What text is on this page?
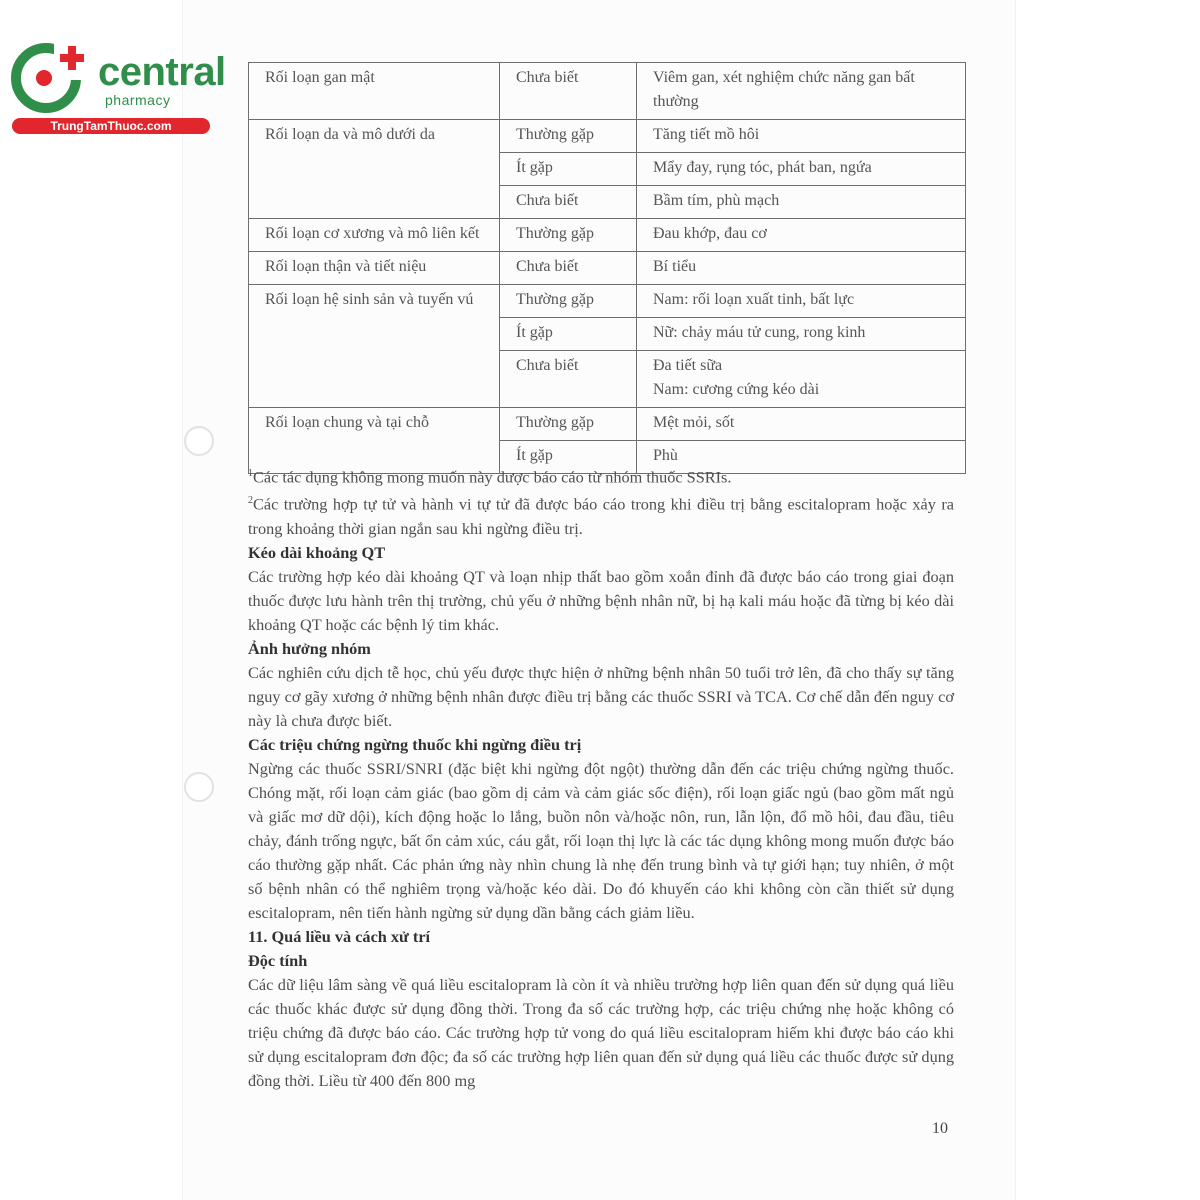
central
pharmacy
TrungTamThuoc.com
Rối loạn gan mật	Chưa biết	Viêm gan, xét nghiệm chức năng gan bất thường
Rối loạn da và mô dưới da	Thường gặp	Tăng tiết mồ hôi
	Ít gặp	Mẩy đay, rụng tóc, phát ban, ngứa
	Chưa biết	Bầm tím, phù mạch
Rối loạn cơ xương và mô liên kết	Thường gặp	Đau khớp, đau cơ
Rối loạn thận và tiết niệu	Chưa biết	Bí tiểu
Rối loạn hệ sinh sản và tuyến vú	Thường gặp	Nam: rối loạn xuất tinh, bất lực
	Ít gặp	Nữ: chảy máu tử cung, rong kinh
	Chưa biết	Đa tiết sữa
Nam: cương cứng kéo dài

Rối loạn chung và tại chỗ	Thường gặp	Mệt mỏi, sốt
	Ít gặp	Phù

$^1$Các tác dụng không mong muốn này được báo cáo từ nhóm thuốc SSRIs.

$^2$Các trường hợp tự tử và hành vi tự tử đã được báo cáo trong khi điều trị bằng escitalopram hoặc xảy ra trong khoảng thời gian ngắn sau khi ngừng điều trị.

Kéo dài khoảng QT

Các trường hợp kéo dài khoảng QT và loạn nhịp thất bao gồm xoắn đỉnh đã được báo cáo trong giai đoạn thuốc được lưu hành trên thị trường, chủ yếu ở những bệnh nhân nữ, bị hạ kali máu hoặc đã từng bị kéo dài khoảng QT hoặc các bệnh lý tim khác.

Ảnh hưởng nhóm

Các nghiên cứu dịch tễ học, chủ yếu được thực hiện ở những bệnh nhân 50 tuổi trở lên, đã cho thấy sự tăng nguy cơ gãy xương ở những bệnh nhân được điều trị bằng các thuốc SSRI và TCA. Cơ chế dẫn đến nguy cơ này là chưa được biết.

Các triệu chứng ngừng thuốc khi ngừng điều trị

Ngừng các thuốc SSRI/SNRI (đặc biệt khi ngừng đột ngột) thường dẫn đến các triệu chứng ngừng thuốc. Chóng mặt, rối loạn cảm giác (bao gồm dị cảm và cảm giác sốc điện), rối loạn giấc ngủ (bao gồm mất ngủ và giấc mơ dữ dội), kích động hoặc lo lắng, buồn nôn và/hoặc nôn, run, lẫn lộn, đổ mồ hôi, đau đầu, tiêu chảy, đánh trống ngực, bất ổn cảm xúc, cáu gắt, rối loạn thị lực là các tác dụng không mong muốn được báo cáo thường gặp nhất. Các phản ứng này nhìn chung là nhẹ đến trung bình và tự giới hạn; tuy nhiên, ở một số bệnh nhân có thể nghiêm trọng và/hoặc kéo dài. Do đó khuyến cáo khi không còn cần thiết sử dụng escitalopram, nên tiến hành ngừng sử dụng dần bằng cách giảm liều.

11. Quá liều và cách xử trí

Độc tính

Các dữ liệu lâm sàng về quá liều escitalopram là còn ít và nhiều trường hợp liên quan đến sử dụng quá liều các thuốc khác được sử dụng đồng thời. Trong đa số các trường hợp, các triệu chứng nhẹ hoặc không có triệu chứng đã được báo cáo. Các trường hợp tử vong do quá liều escitalopram hiếm khi được báo cáo khi sử dụng escitalopram đơn độc; đa số các trường hợp liên quan đến sử dụng quá liều các thuốc được sử dụng đồng thời. Liều từ 400 đến 800 mg

10
